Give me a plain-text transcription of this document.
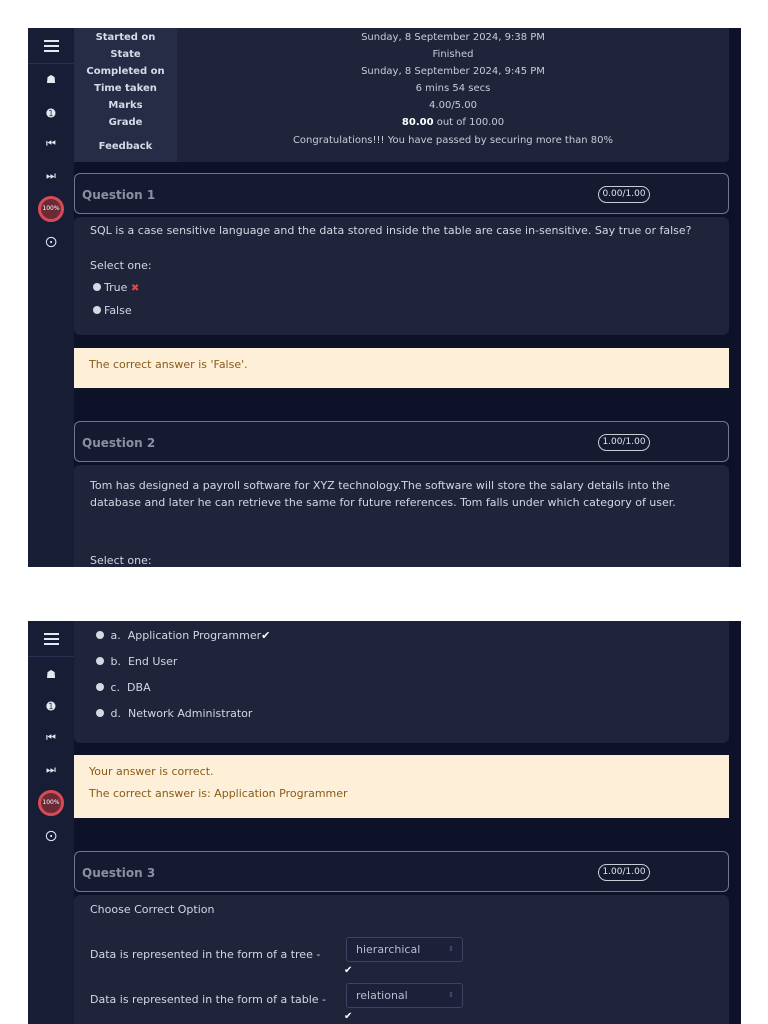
☗
➊
⏮
⏭
100%
⨀
Started on	Sunday, 8 September 2024, 9:38 PM
State	Finished
Completed on	Sunday, 8 September 2024, 9:45 PM
Time taken	6 mins 54 secs
Marks	4.00/5.00
Grade	80.00 out of 100.00
Feedback
Congratulations!!! You have passed by securing more than 80%
Question 1	0.00/1.00
SQL is a case sensitive language and the data stored inside the table are case in-sensitive. Say true or false?
Select one:
True ✖
False
The correct answer is 'False'.
Question 2	1.00/1.00
Tom has designed a payroll software for XYZ technology.The software will store the salary details into the
database and later he can retrieve the same for future references. Tom falls under which category of user.
Select one:
☗
➊
⏮
⏭
100%
⨀
a. Application Programmer✔
b. End User
c. DBA
d. Network Administrator
Your answer is correct.
The correct answer is: Application Programmer
Question 3	1.00/1.00
Choose Correct Option
Data is represented in the form of a tree -	hierarchical	⇕
✔
Data is represented in the form of a table -	relational	⇕
✔
